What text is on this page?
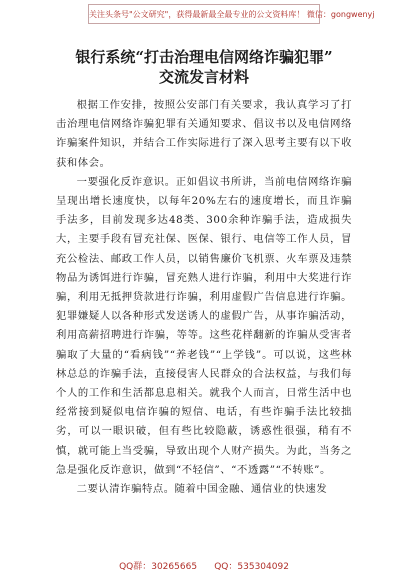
关注头条号"公文研究"，获得最新最全最专业的公文资料库！ 微信：gongwenyj
银行系统“打击治理电信网络诈骗犯罪”
交流发言材料

根据工作安排，按照公安部门有关要求，我认真学习了打击治理电信网络诈骗犯罪有关通知要求、倡议书以及电信网络诈骗案件知识，并结合工作实际进行了深入思考主要有以下收获和体会。

一要强化反诈意识。正如倡议书所讲，当前电信网络诈骗呈现出增长速度快，以每年20%左右的速度增长，而且诈骗手法多，目前发现多达48类、300余种诈骗手法，造成损失大，主要手段有冒充社保、医保、银行、电信等工作人员，冒充公检法、邮政工作人员，以销售廉价飞机票、火车票及违禁物品为诱饵进行诈骗，冒充熟人进行诈骗，利用中大奖进行诈骗，利用无抵押贷款进行诈骗，利用虚假广告信息进行诈骗。犯罪嫌疑人以各种形式发送诱人的虚假广告，从事诈骗活动，利用高薪招聘进行诈骗，等等。这些花样翻新的诈骗从受害者骗取了大量的“看病钱”“养老钱”“上学钱”。可以说，这些林林总总的诈骗手法，直接侵害人民群众的合法权益，与我们每个人的工作和生活都息息相关。就我个人而言，日常生活中也经常接到疑似电信诈骗的短信、电话，有些诈骗手法比较拙劣，可以一眼识破，但有些比较隐蔽，诱惑性很强，稍有不慎，就可能上当受骗，导致出现个人财产损失。为此，当务之急是强化反诈意识，做到“不轻信”、“不透露”“不转账”。

二要认清诈骗特点。随着中国金融、通信业的快速发

QQ群：30265665 QQ：535304092
